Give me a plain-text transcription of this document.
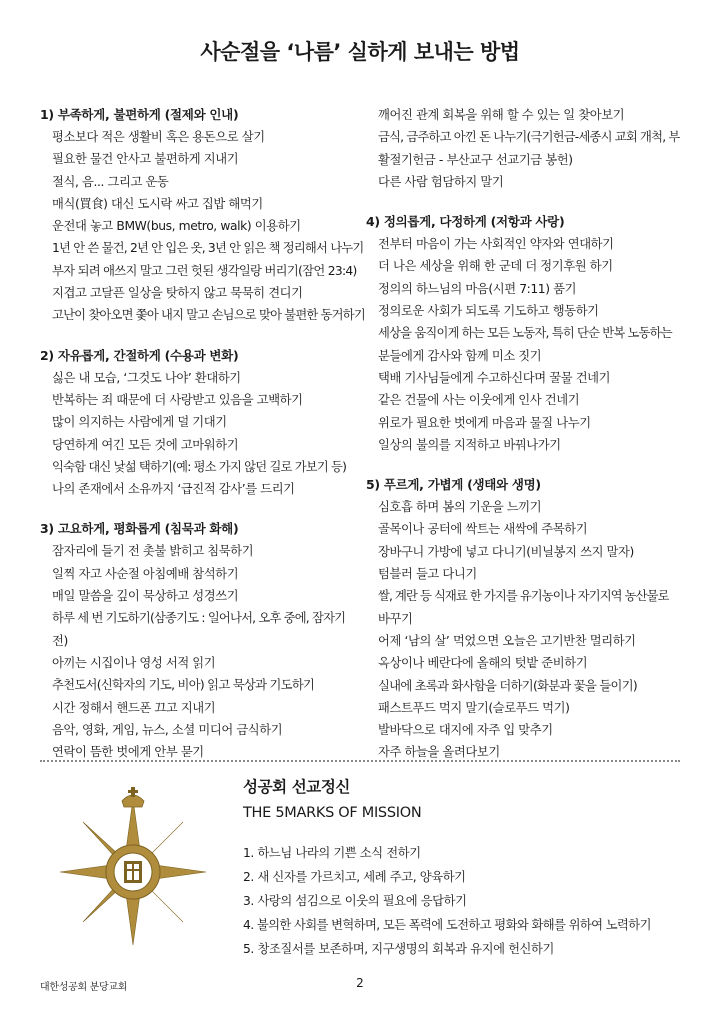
사순절을 ‘나름’ 실하게 보내는 방법
1) 부족하게, 불편하게 (절제와 인내)
평소보다 적은 생활비 혹은 용돈으로 살기
필요한 물건 안사고 불편하게 지내기
절식, 음... 그리고 운동
매식(買食) 대신 도시락 싸고 집밥 해먹기
운전대 놓고 BMW(bus, metro, walk) 이용하기
1년 안 쓴 물건, 2년 안 입은 옷, 3년 안 읽은 책 정리해서 나누기
부자 되려 애쓰지 말고 그런 헛된 생각일랑 버리기(잠언 23:4)
지겹고 고달픈 일상을 탓하지 않고 묵묵히 견디기
고난이 찾아오면 쫓아 내지 말고 손님으로 맞아 불편한 동거하기
2) 자유롭게, 간절하게 (수용과 변화)
싫은 내 모습, ‘그것도 나야’ 환대하기
반복하는 죄 때문에 더 사랑받고 있음을 고백하기
많이 의지하는 사람에게 덜 기대기
당연하게 여긴 모든 것에 고마워하기
익숙함 대신 낯섦 택하기(예: 평소 가지 않던 길로 가보기 등)
나의 존재에서 소유까지 ‘급진적 감사’를 드리기
3) 고요하게, 평화롭게 (침묵과 화해)
잠자리에 들기 전 촛불 밝히고 침묵하기
일찍 자고 사순절 아침예배 참석하기
매일 말씀을 깊이 묵상하고 성경쓰기
하루 세 번 기도하기(삼종기도 : 일어나서, 오후 중에, 잠자기
전)
아끼는 시집이나 영성 서적 읽기
추천도서(신학자의 기도, 비아) 읽고 묵상과 기도하기
시간 정해서 핸드폰 끄고 지내기
음악, 영화, 게임, 뉴스, 소셜 미디어 금식하기
연락이 뜸한 벗에게 안부 묻기
깨어진 관계 회복을 위해 할 수 있는 일 찾아보기
금식, 금주하고 아낀 돈 나누기(극기헌금-세종시 교회 개척, 부
활절기헌금 - 부산교구 선교기금 봉헌)
다른 사람 험담하지 말기
4) 정의롭게, 다정하게 (저항과 사랑)
전부터 마음이 가는 사회적인 약자와 연대하기
더 나은 세상을 위해 한 군데 더 정기후원 하기
정의의 하느님의 마음(시편 7:11) 품기
정의로운 사회가 되도록 기도하고 행동하기
세상을 움직이게 하는 모든 노동자, 특히 단순 반복 노동하는
분들에게 감사와 함께 미소 짓기
택배 기사님들에게 수고하신다며 꿀물 건네기
같은 건물에 사는 이웃에게 인사 건네기
위로가 필요한 벗에게 마음과 물질 나누기
일상의 불의를 지적하고 바꿔나가기
5) 푸르게, 가볍게 (생태와 생명)
심호흡 하며 봄의 기운을 느끼기
골목이나 공터에 싹트는 새싹에 주목하기
장바구니 가방에 넣고 다니기(비닐봉지 쓰지 말자)
텀블러 들고 다니기
쌀, 계란 등 식재료 한 가지를 유기농이나 자기지역 농산물로
바꾸기
어제 ‘남의 살’ 먹었으면 오늘은 고기반찬 멀리하기
옥상이나 베란다에 올해의 텃밭 준비하기
실내에 초록과 화사함을 더하기(화분과 꽃을 들이기)
패스트푸드 먹지 말기(슬로푸드 먹기)
발바닥으로 대지에 자주 입 맞추기
자주 하늘을 올려다보기
성공회 선교정신
THE 5MARKS OF MISSION
1. 하느님 나라의 기쁜 소식 전하기
2. 새 신자를 가르치고, 세례 주고, 양육하기
3. 사랑의 섬김으로 이웃의 필요에 응답하기
4. 불의한 사회를 변혁하며, 모든 폭력에 도전하고 평화와 화해를 위하여 노력하기
5. 창조질서를 보존하며, 지구생명의 회복과 유지에 헌신하기
대한성공회 분당교회	2
